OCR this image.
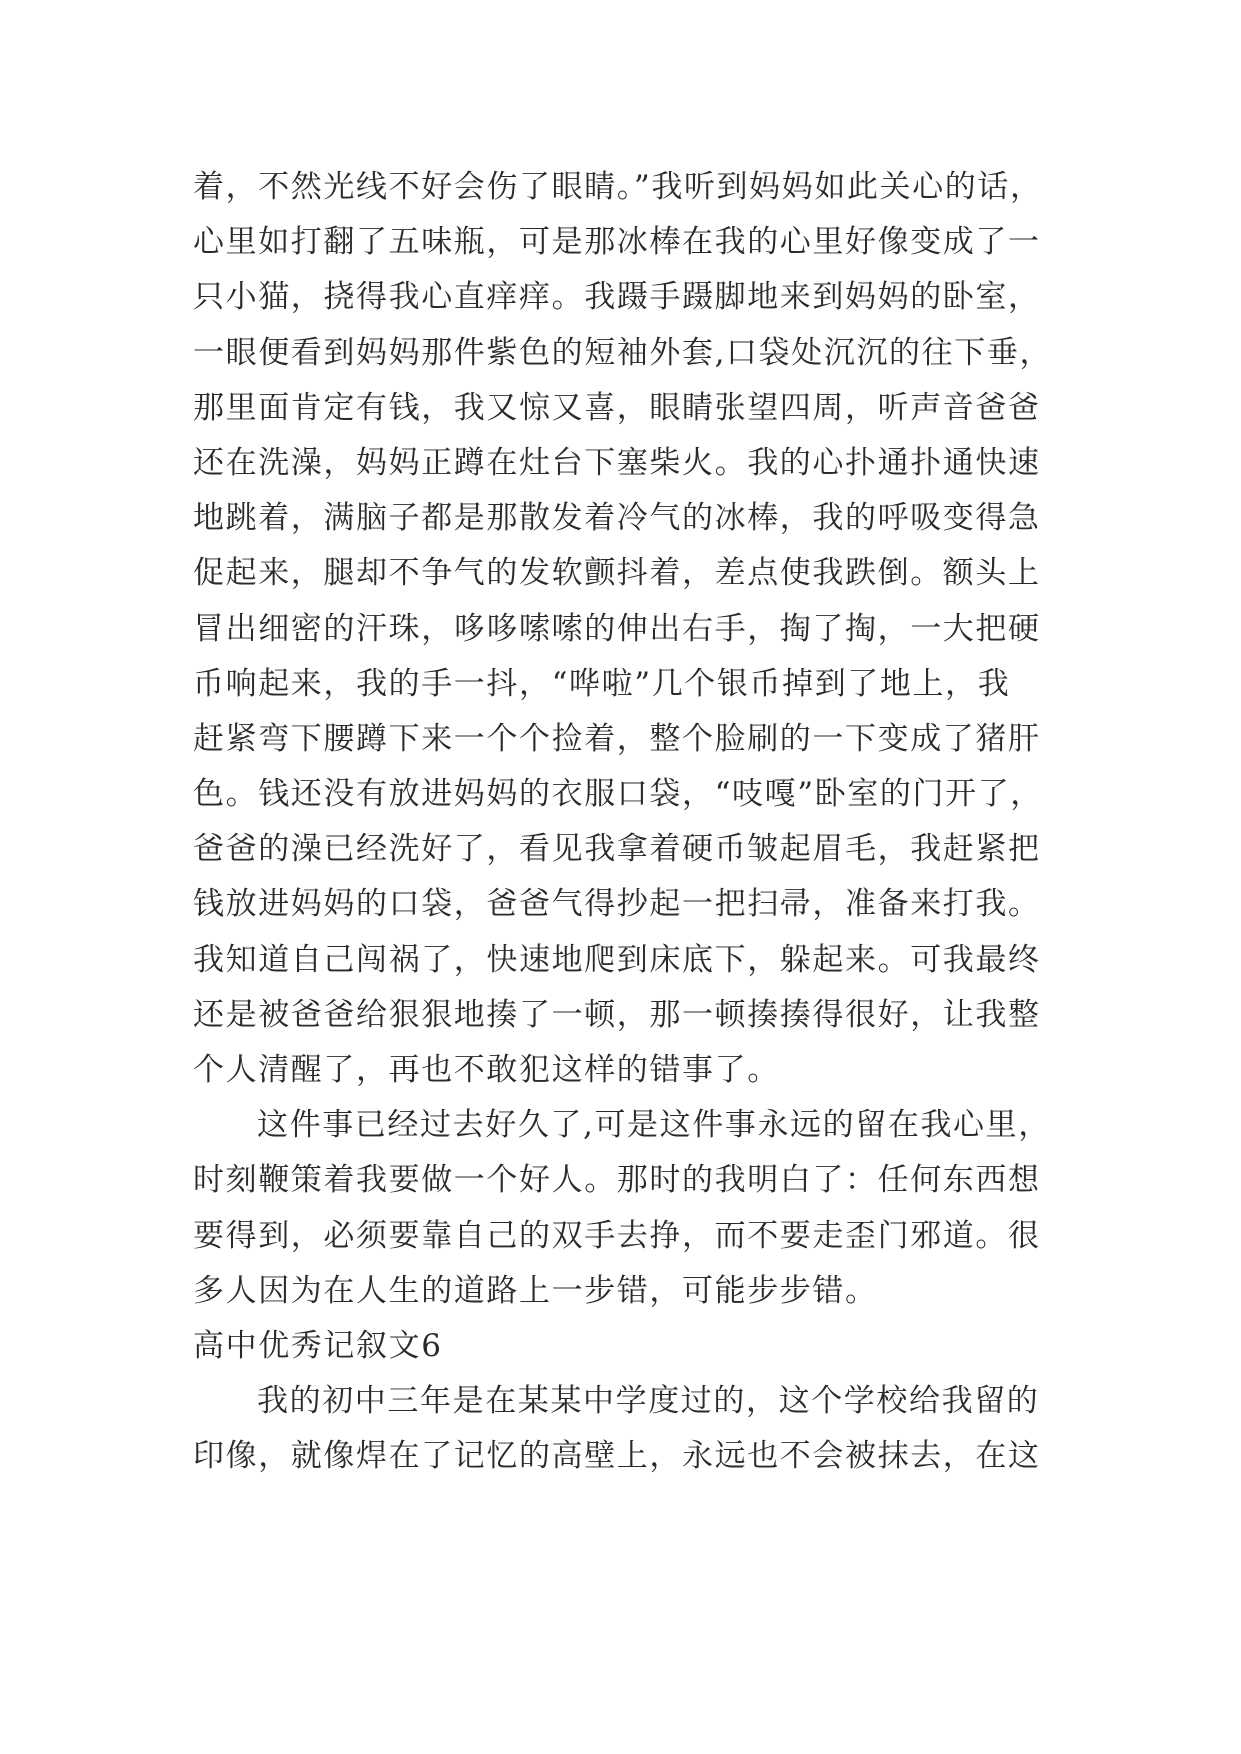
着，不然光线不好会伤了眼睛。”我听到妈妈如此关心的话，
心里如打翻了五味瓶，可是那冰棒在我的心里好像变成了一
只小猫，挠得我心直痒痒。我蹑手蹑脚地来到妈妈的卧室，
一眼便看到妈妈那件紫色的短袖外套,口袋处沉沉的往下垂，
那里面肯定有钱，我又惊又喜，眼睛张望四周，听声音爸爸
还在洗澡，妈妈正蹲在灶台下塞柴火。我的心扑通扑通快速
地跳着，满脑子都是那散发着冷气的冰棒，我的呼吸变得急
促起来，腿却不争气的发软颤抖着，差点使我跌倒。额头上
冒出细密的汗珠，哆哆嗦嗦的伸出右手，掏了掏，一大把硬
币响起来，我的手一抖，“哗啦”几个银币掉到了地上，我
赶紧弯下腰蹲下来一个个捡着，整个脸刷的一下变成了猪肝
色。钱还没有放进妈妈的衣服口袋，“吱嘎”卧室的门开了，
爸爸的澡已经洗好了，看见我拿着硬币皱起眉毛，我赶紧把
钱放进妈妈的口袋，爸爸气得抄起一把扫帚，准备来打我。
我知道自己闯祸了，快速地爬到床底下，躲起来。可我最终
还是被爸爸给狠狠地揍了一顿，那一顿揍揍得很好，让我整
个人清醒了，再也不敢犯这样的错事了。
这件事已经过去好久了,可是这件事永远的留在我心里，
时刻鞭策着我要做一个好人。那时的我明白了：任何东西想
要得到，必须要靠自己的双手去挣，而不要走歪门邪道。很
多人因为在人生的道路上一步错，可能步步错。
高中优秀记叙文6
我的初中三年是在某某中学度过的，这个学校给我留的
印像，就像焊在了记忆的高壁上，永远也不会被抹去，在这
